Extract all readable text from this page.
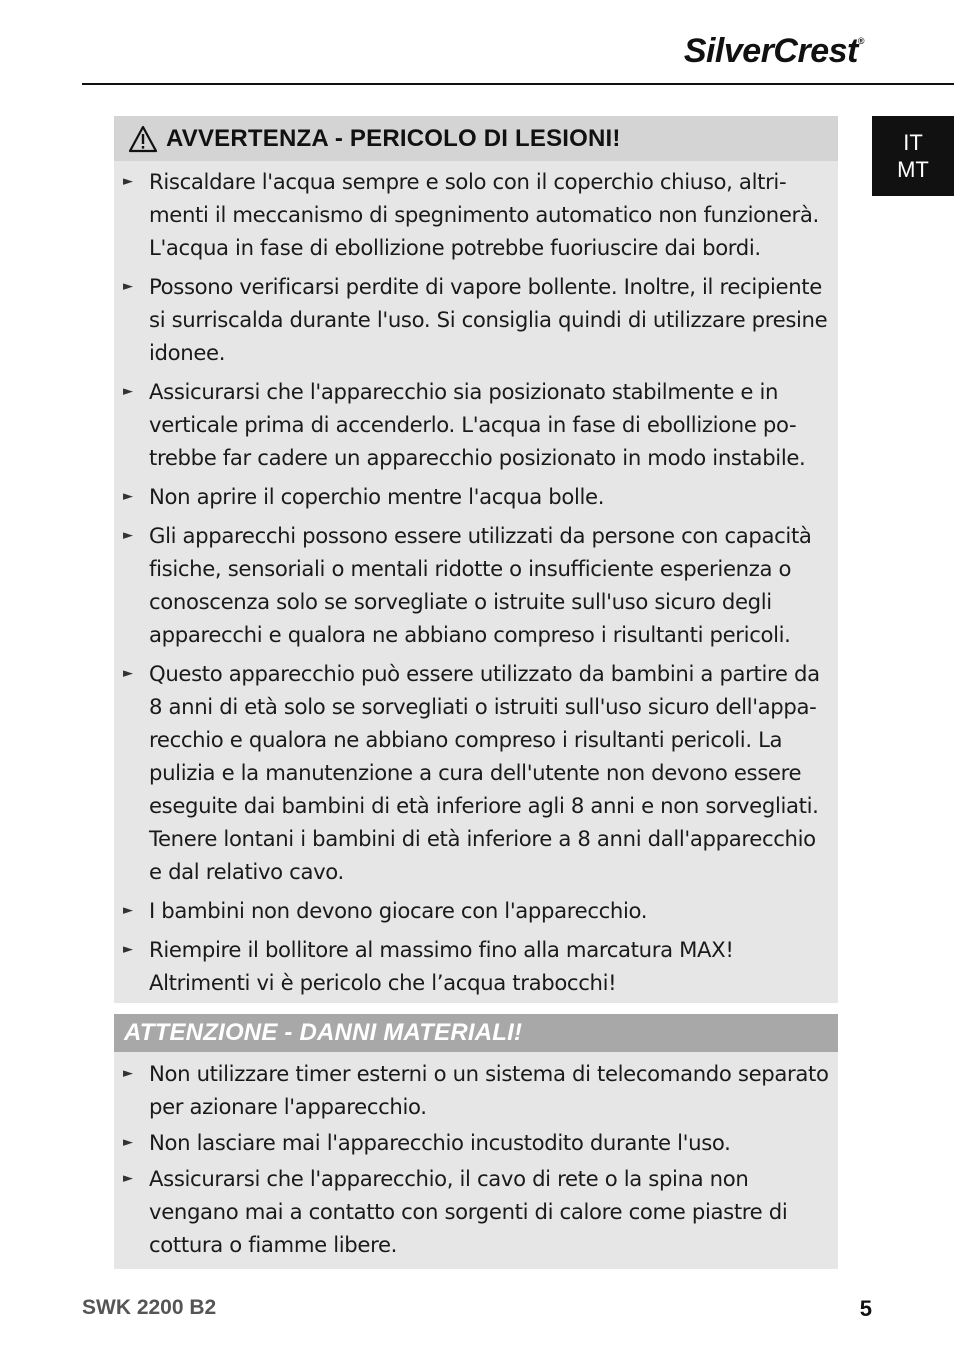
SilverCrest®
IT
MT
AVVERTENZA - PERICOLO DI LESIONI!
► Riscaldare l'acqua sempre e solo con il coperchio chiuso, altri-menti il meccanismo di spegnimento automatico non funzionerà. L'acqua in fase di ebollizione potrebbe fuoriuscire dai bordi.
► Possono verificarsi perdite di vapore bollente. Inoltre, il recipiente si surriscalda durante l'uso. Si consiglia quindi di utilizzare presine idonee.
► Assicurarsi che l'apparecchio sia posizionato stabilmente e in verticale prima di accenderlo. L'acqua in fase di ebollizione po-trebbe far cadere un apparecchio posizionato in modo instabile.
► Non aprire il coperchio mentre l'acqua bolle.
► Gli apparecchi possono essere utilizzati da persone con capacità fisiche, sensoriali o mentali ridotte o insufficiente esperienza o conoscenza solo se sorvegliate o istruite sull'uso sicuro degli apparecchi e qualora ne abbiano compreso i risultanti pericoli.
► Questo apparecchio può essere utilizzato da bambini a partire da 8 anni di età solo se sorvegliati o istruiti sull'uso sicuro dell'appa-recchio e qualora ne abbiano compreso i risultanti pericoli. La pulizia e la manutenzione a cura dell'utente non devono essere eseguite dai bambini di età inferiore agli 8 anni e non sorvegliati. Tenere lontani i bambini di età inferiore a 8 anni dall'apparecchio e dal relativo cavo.
► I bambini non devono giocare con l'apparecchio.
► Riempire il bollitore al massimo fino alla marcatura MAX! Altrimenti vi è pericolo che l’acqua trabocchi!
ATTENZIONE - DANNI MATERIALI!
► Non utilizzare timer esterni o un sistema di telecomando separato per azionare l'apparecchio.
► Non lasciare mai l'apparecchio incustodito durante l'uso.
► Assicurarsi che l'apparecchio, il cavo di rete o la spina non vengano mai a contatto con sorgenti di calore come piastre di cottura o fiamme libere.
SWK 2200 B2	5
